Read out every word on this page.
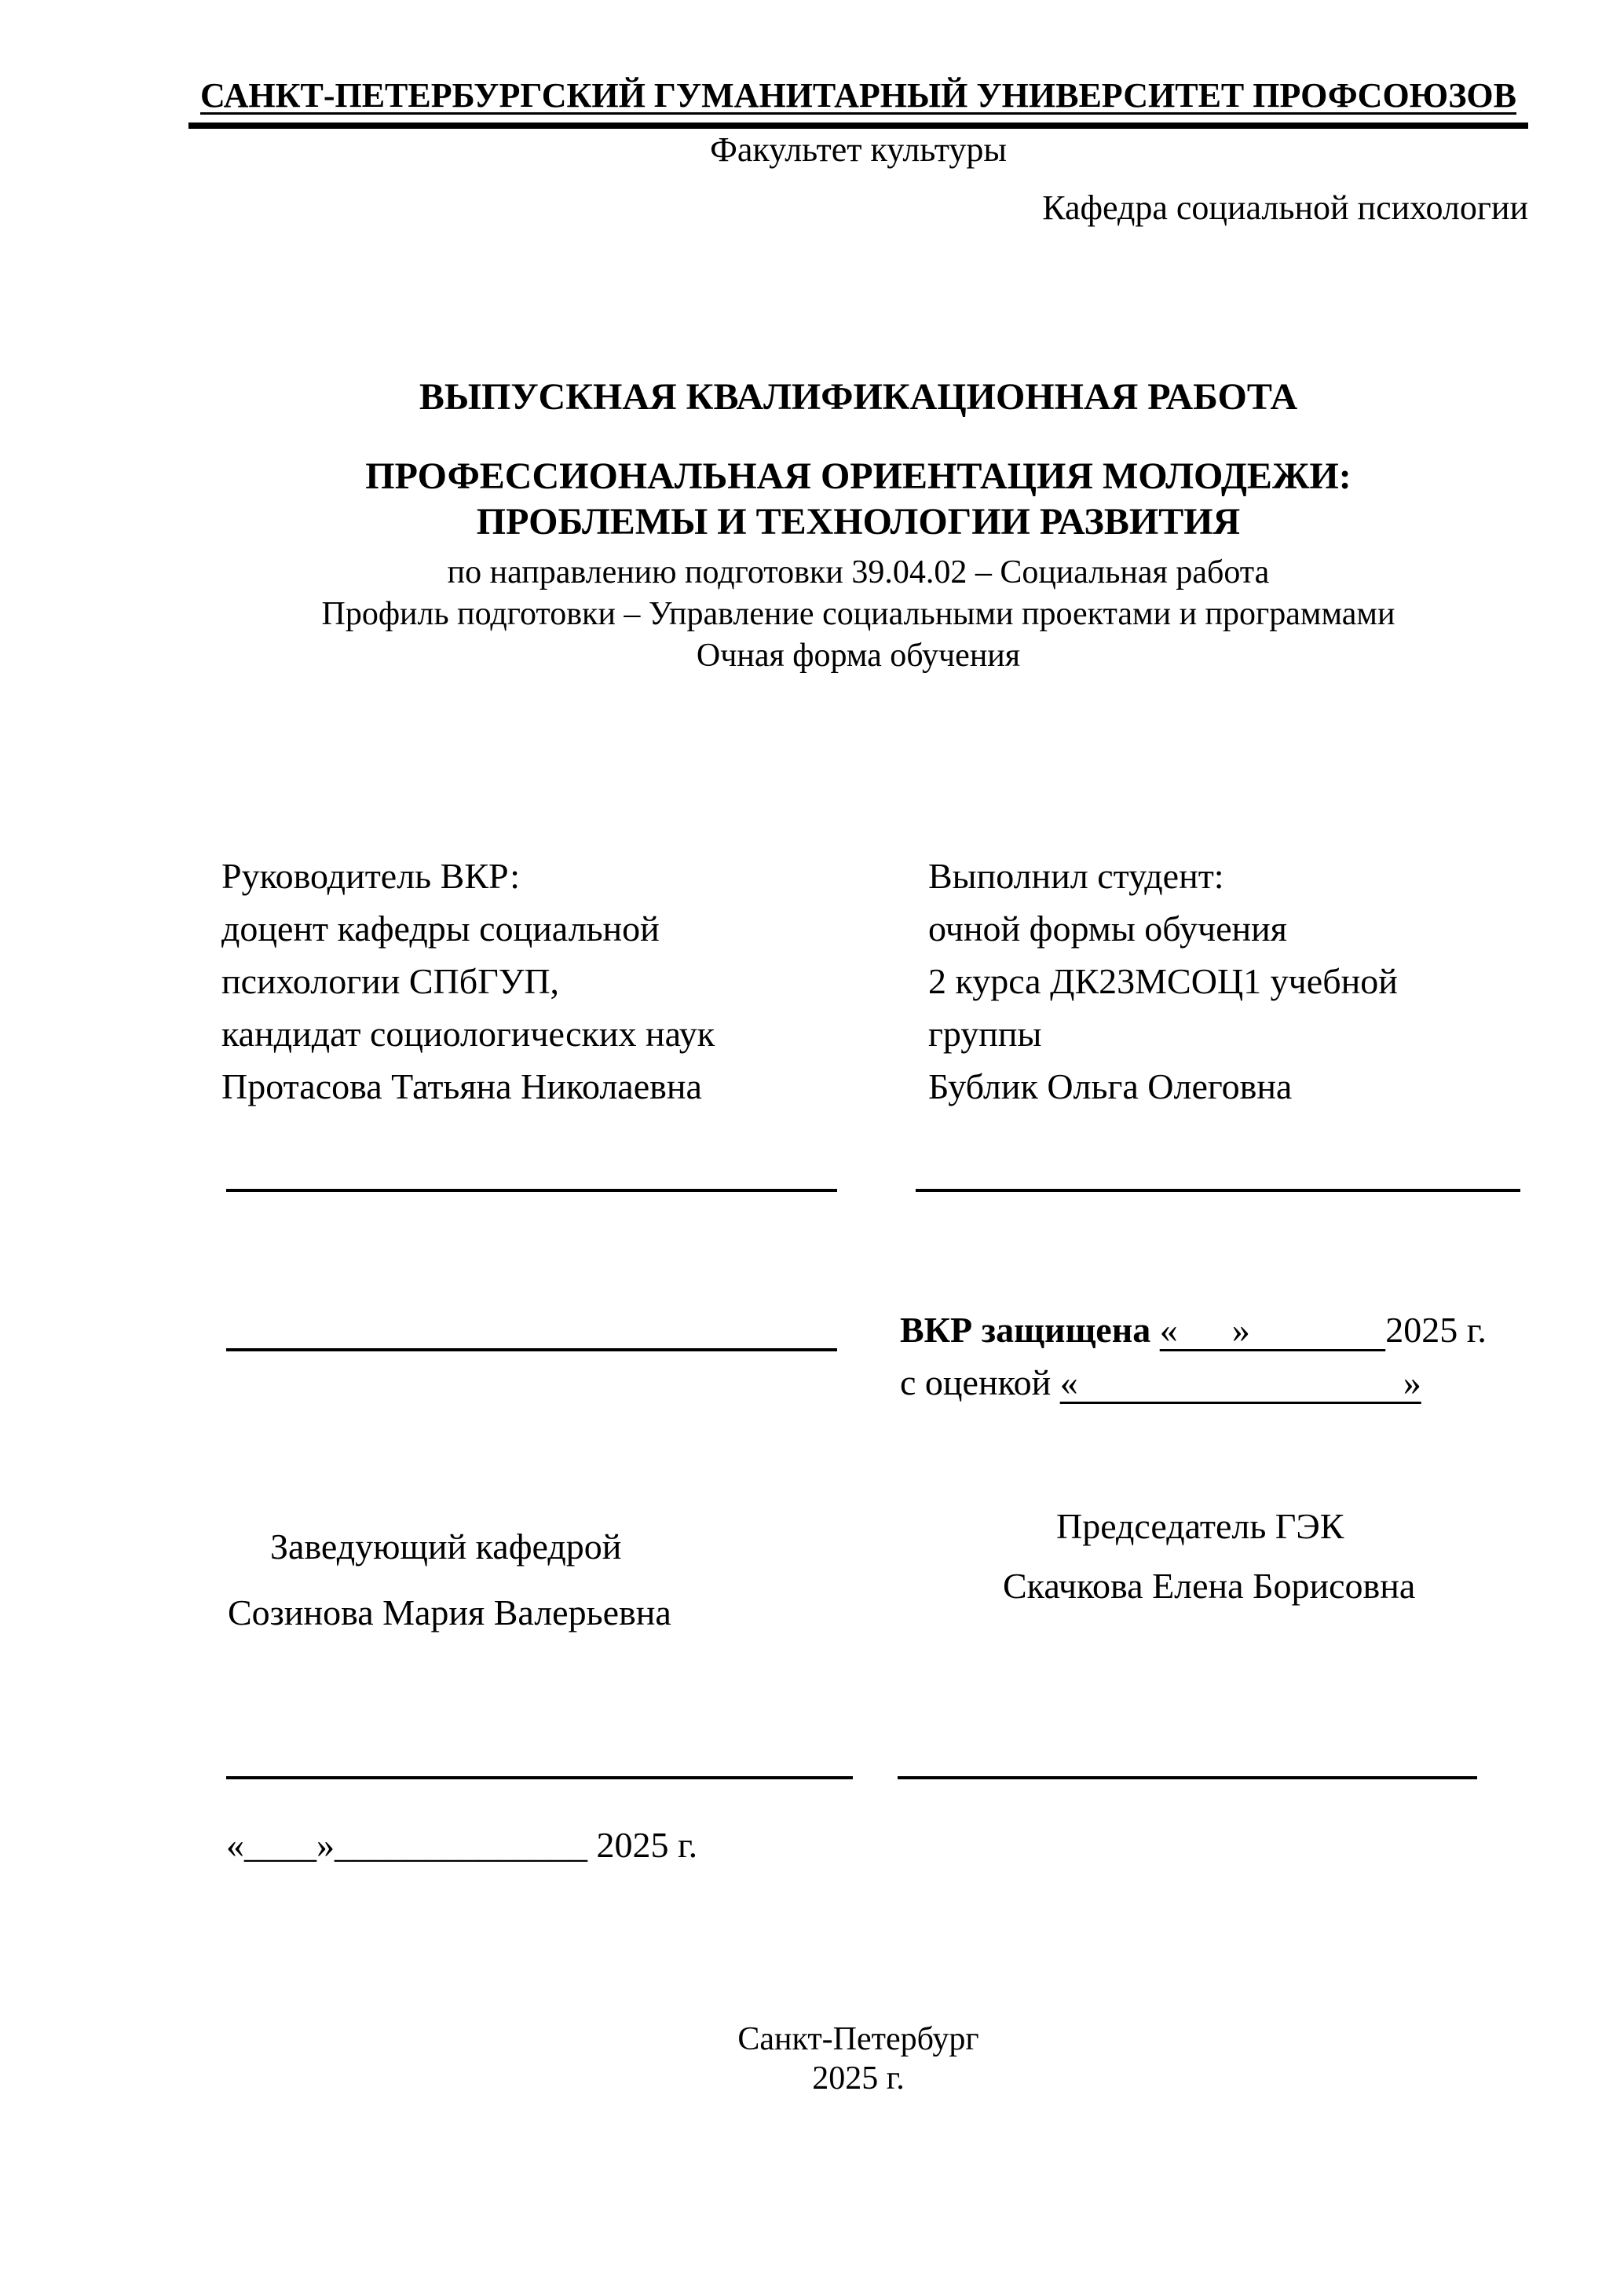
САНКТ-ПЕТЕРБУРГСКИЙ ГУМАНИТАРНЫЙ УНИВЕРСИТЕТ ПРОФСОЮЗОВ
Факультет культуры
Кафедра социальной психологии
ВЫПУСКНАЯ КВАЛИФИКАЦИОННАЯ РАБОТА
ПРОФЕССИОНАЛЬНАЯ ОРИЕНТАЦИЯ МОЛОДЕЖИ:
ПРОБЛЕМЫ И ТЕХНОЛОГИИ РАЗВИТИЯ
по направлению подготовки 39.04.02 – Социальная работа
Профиль подготовки – Управление социальными проектами и программами
Очная форма обучения
Руководитель ВКР:
доцент кафедры социальной
психологии СПбГУП,
кандидат социологических наук
Протасова Татьяна Николаевна
Выполнил студент:
очной формы обучения
2 курса ДК23МСОЦ1 учебной
группы
Бублик Ольга Олеговна
ВКР защищена «      »               2025 г.
с оценкой «                                    »
Председатель ГЭК
Заведующий кафедрой
Скачкова Елена Борисовна
Созинова Мария Валерьевна
«____»______________ 2025 г.
Санкт-Петербург
2025 г.
